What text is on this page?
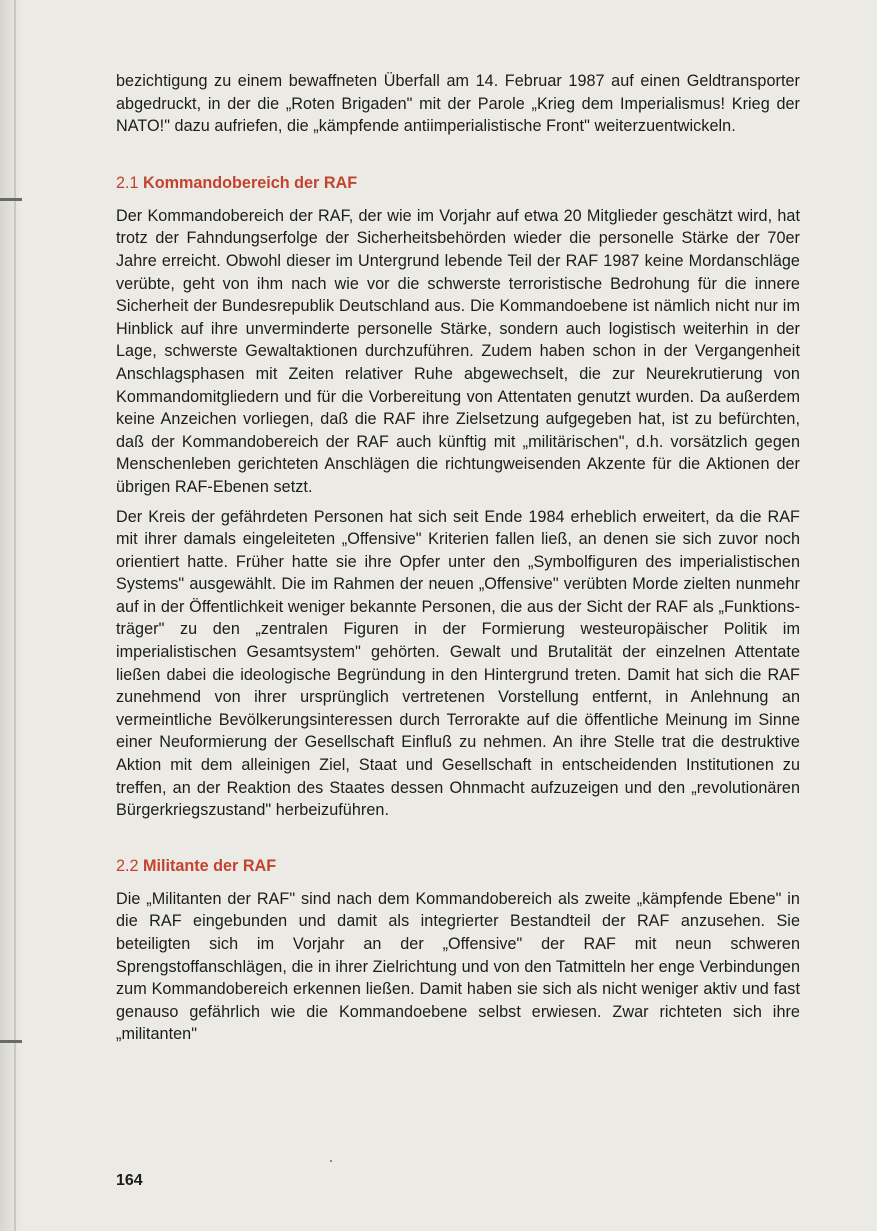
bezichtigung zu einem bewaffneten Überfall am 14. Februar 1987 auf einen Geldtransporter abgedruckt, in der die „Roten Brigaden" mit der Parole „Krieg dem Imperialismus! Krieg der NATO!" dazu aufriefen, die „kämpfende antiimperialistische Front" weiterzuentwickeln.

2.1 Kommandobereich der RAF

Der Kommandobereich der RAF, der wie im Vorjahr auf etwa 20 Mitglieder geschätzt wird, hat trotz der Fahndungserfolge der Sicherheitsbehörden wieder die personelle Stärke der 70er Jahre erreicht. Obwohl dieser im Untergrund lebende Teil der RAF 1987 keine Mordanschläge verübte, geht von ihm nach wie vor die schwerste terroristische Bedrohung für die innere Sicherheit der Bundesrepublik Deutschland aus. Die Kommandoebene ist nämlich nicht nur im Hinblick auf ihre unverminderte personelle Stärke, sondern auch logistisch weiterhin in der Lage, schwerste Gewaltaktionen durchzuführen. Zudem haben schon in der Vergangenheit Anschlagsphasen mit Zeiten relativer Ruhe abgewechselt, die zur Neurekrutierung von Kommandomitgliedern und für die Vorbereitung von Attentaten genutzt wurden. Da außerdem keine Anzeichen vorliegen, daß die RAF ihre Zielsetzung aufgegeben hat, ist zu befürchten, daß der Kommandobereich der RAF auch künftig mit „militärischen", d.h. vorsätzlich gegen Menschenleben gerichteten Anschlägen die richtungweisenden Akzente für die Aktionen der übrigen RAF-Ebenen setzt.

Der Kreis der gefährdeten Personen hat sich seit Ende 1984 erheblich erweitert, da die RAF mit ihrer damals eingeleiteten „Offensive" Kriterien fallen ließ, an denen sie sich zuvor noch orientiert hatte. Früher hatte sie ihre Opfer unter den „Symbolfiguren des imperialistischen Systems" ausgewählt. Die im Rahmen der neuen „Offensive" verübten Morde zielten nunmehr auf in der Öffentlichkeit weniger bekannte Personen, die aus der Sicht der RAF als „Funktionsträger" zu den „zentralen Figuren in der Formierung westeuropäischer Politik im imperialistischen Gesamtsystem" gehörten. Gewalt und Brutalität der einzelnen Attentate ließen dabei die ideologische Begründung in den Hintergrund treten. Damit hat sich die RAF zunehmend von ihrer ursprünglich vertretenen Vorstellung entfernt, in Anlehnung an vermeintliche Bevölkerungsinteressen durch Terrorakte auf die öffentliche Meinung im Sinne einer Neuformierung der Gesellschaft Einfluß zu nehmen. An ihre Stelle trat die destruktive Aktion mit dem alleinigen Ziel, Staat und Gesellschaft in entscheidenden Institutionen zu treffen, an der Reaktion des Staates dessen Ohnmacht aufzuzeigen und den „revolutionären Bürgerkriegszustand" herbeizuführen.

2.2 Militante der RAF

Die „Militanten der RAF" sind nach dem Kommandobereich als zweite „kämpfende Ebene" in die RAF eingebunden und damit als integrierter Bestandteil der RAF anzusehen. Sie beteiligten sich im Vorjahr an der „Offensive" der RAF mit neun schweren Sprengstoffanschlägen, die in ihrer Zielrichtung und von den Tatmitteln her enge Verbindungen zum Kommandobereich erkennen ließen. Damit haben sie sich als nicht weniger aktiv und fast genauso gefährlich wie die Kommandoebene selbst erwiesen. Zwar richteten sich ihre „militanten"

164
